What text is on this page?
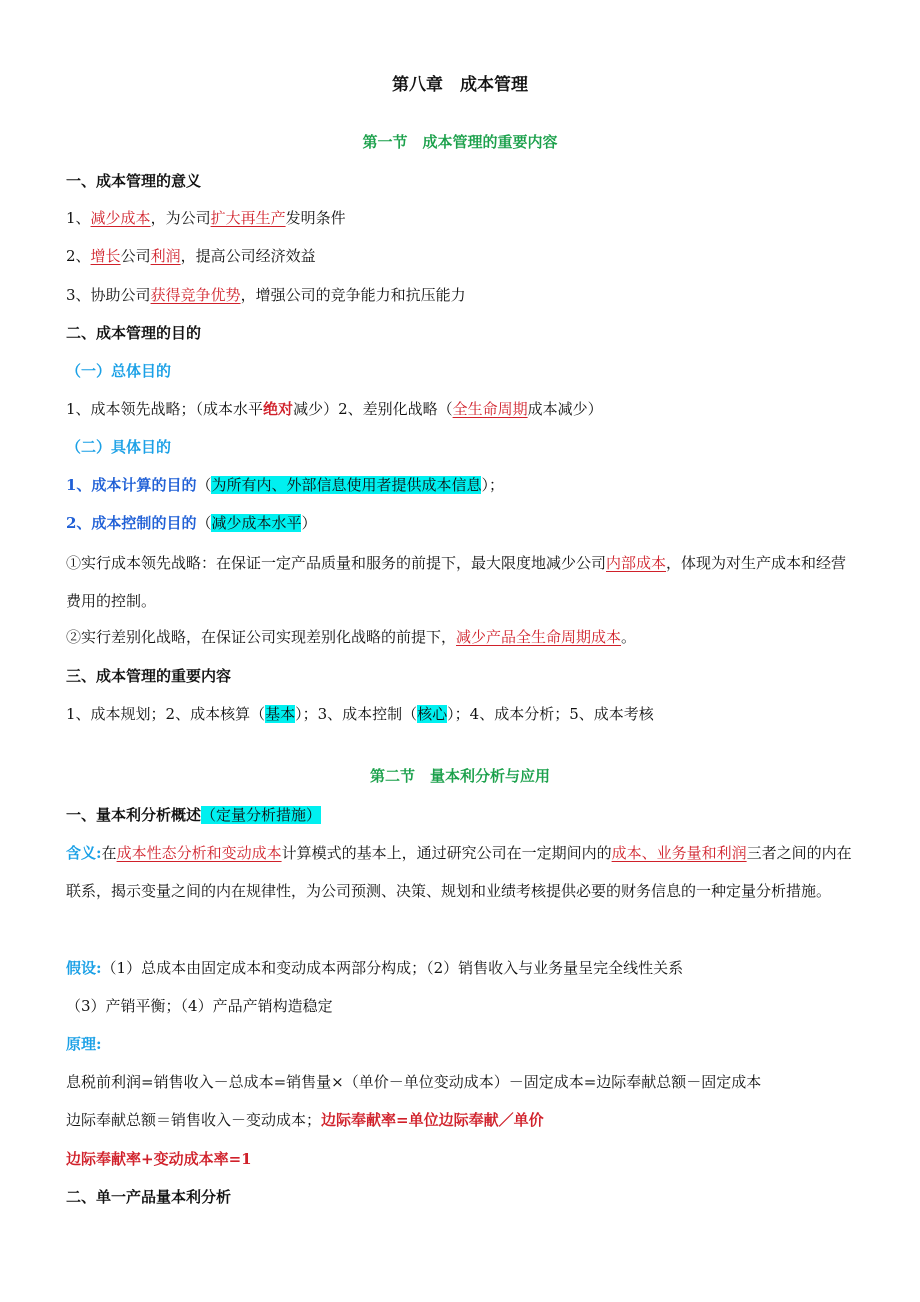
第八章　成本管理
第一节　成本管理的重要内容
一、成本管理的意义
1、减少成本，为公司扩大再生产发明条件
2、增长公司利润，提高公司经济效益
3、协助公司获得竞争优势，增强公司的竞争能力和抗压能力
二、成本管理的目的
（一）总体目的
1、成本领先战略；（成本水平绝对减少）2、差别化战略（全生命周期成本减少）
（二）具体目的
1、成本计算的目的（为所有内、外部信息使用者提供成本信息）；
2、成本控制的目的（减少成本水平）
①实行成本领先战略：在保证一定产品质量和服务的前提下，最大限度地减少公司内部成本，体现为对生产成本和经营费用的控制。
②实行差别化战略，在保证公司实现差别化战略的前提下，减少产品全生命周期成本。
三、成本管理的重要内容
1、成本规划；2、成本核算（基本）；3、成本控制（核心）；4、成本分析；5、成本考核
第二节　量本利分析与应用
一、量本利分析概述（定量分析措施）
含义:在成本性态分析和变动成本计算模式的基本上，通过研究公司在一定期间内的成本、业务量和利润三者之间的内在联系，揭示变量之间的内在规律性，为公司预测、决策、规划和业绩考核提供必要的财务信息的一种定量分析措施。
假设:（1）总成本由固定成本和变动成本两部分构成；（2）销售收入与业务量呈完全线性关系
（3）产销平衡；（4）产品产销构造稳定
原理:
息税前利润=销售收入－总成本=销售量×（单价－单位变动成本）－固定成本=边际奉献总额－固定成本
边际奉献总额＝销售收入－变动成本；边际奉献率=单位边际奉献／单价
边际奉献率+变动成本率=1
二、单一产品量本利分析
